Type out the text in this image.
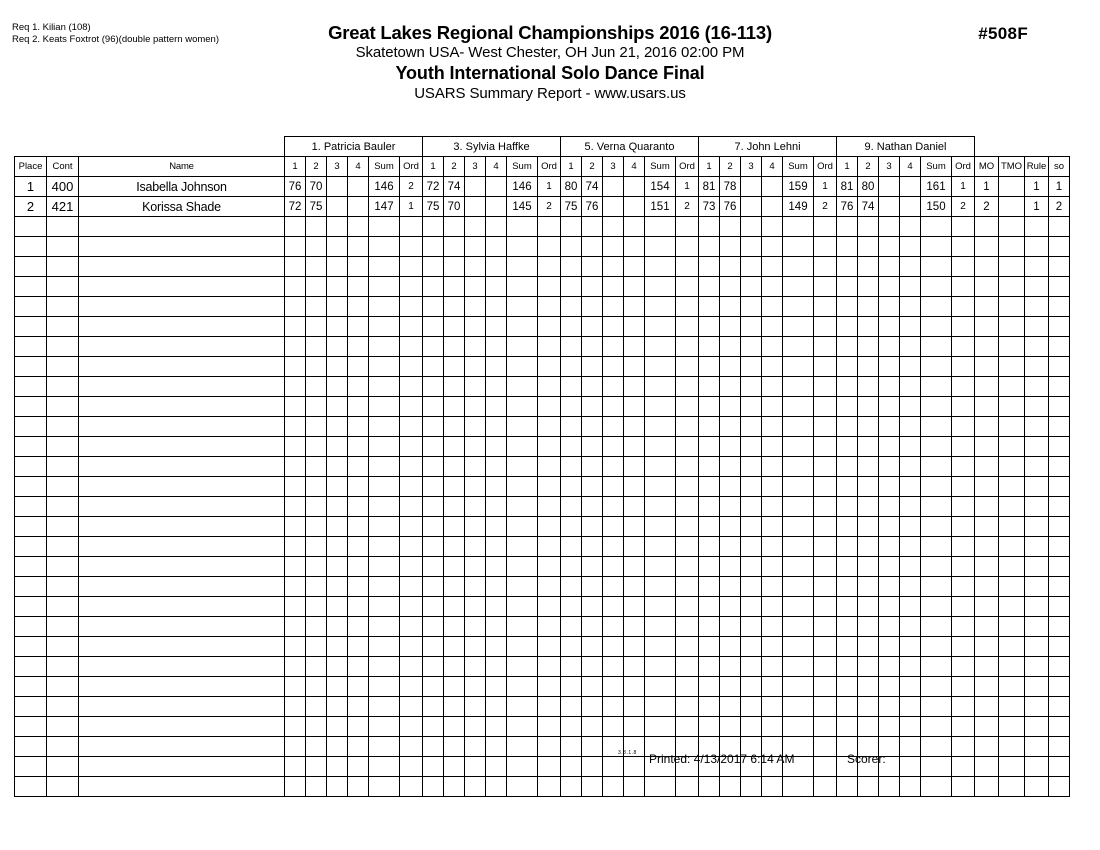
Req 1. Kilian (108)
Req 2. Keats Foxtrot (96)(double pattern women)	Great Lakes Regional Championships 2016 (16-113)
Skatetown USA- West Chester, OH Jun 21, 2016 02:00 PM
Youth International Solo Dance Final
USARS Summary Report - www.usars.us
#508F
			1. Patricia Bauler						3. Sylvia Haffke						5. Verna Quaranto						7. John Lehni						9. Nathan Daniel									
Place	Cont	Name	1	2	3	4	Sum	Ord	1	2	3	4	Sum	Ord	1	2	3	4	Sum	Ord	1	2	3	4	Sum	Ord	1	2	3	4	Sum	Ord	MO	TMO	Rule	so
1	400	Isabella Johnson	76	70			146	2	72	74			146	1	80	74			154	1	81	78			159	1	81	80			161	1	1		1	1
2	421	Korissa Shade	72	75			147	1	75	70			145	2	75	76			151	2	73	76			149	2	76	74			150	2	2		1	2

3.8.1.8 Printed: 4/13/2017 6:14 AM	Scorer:
